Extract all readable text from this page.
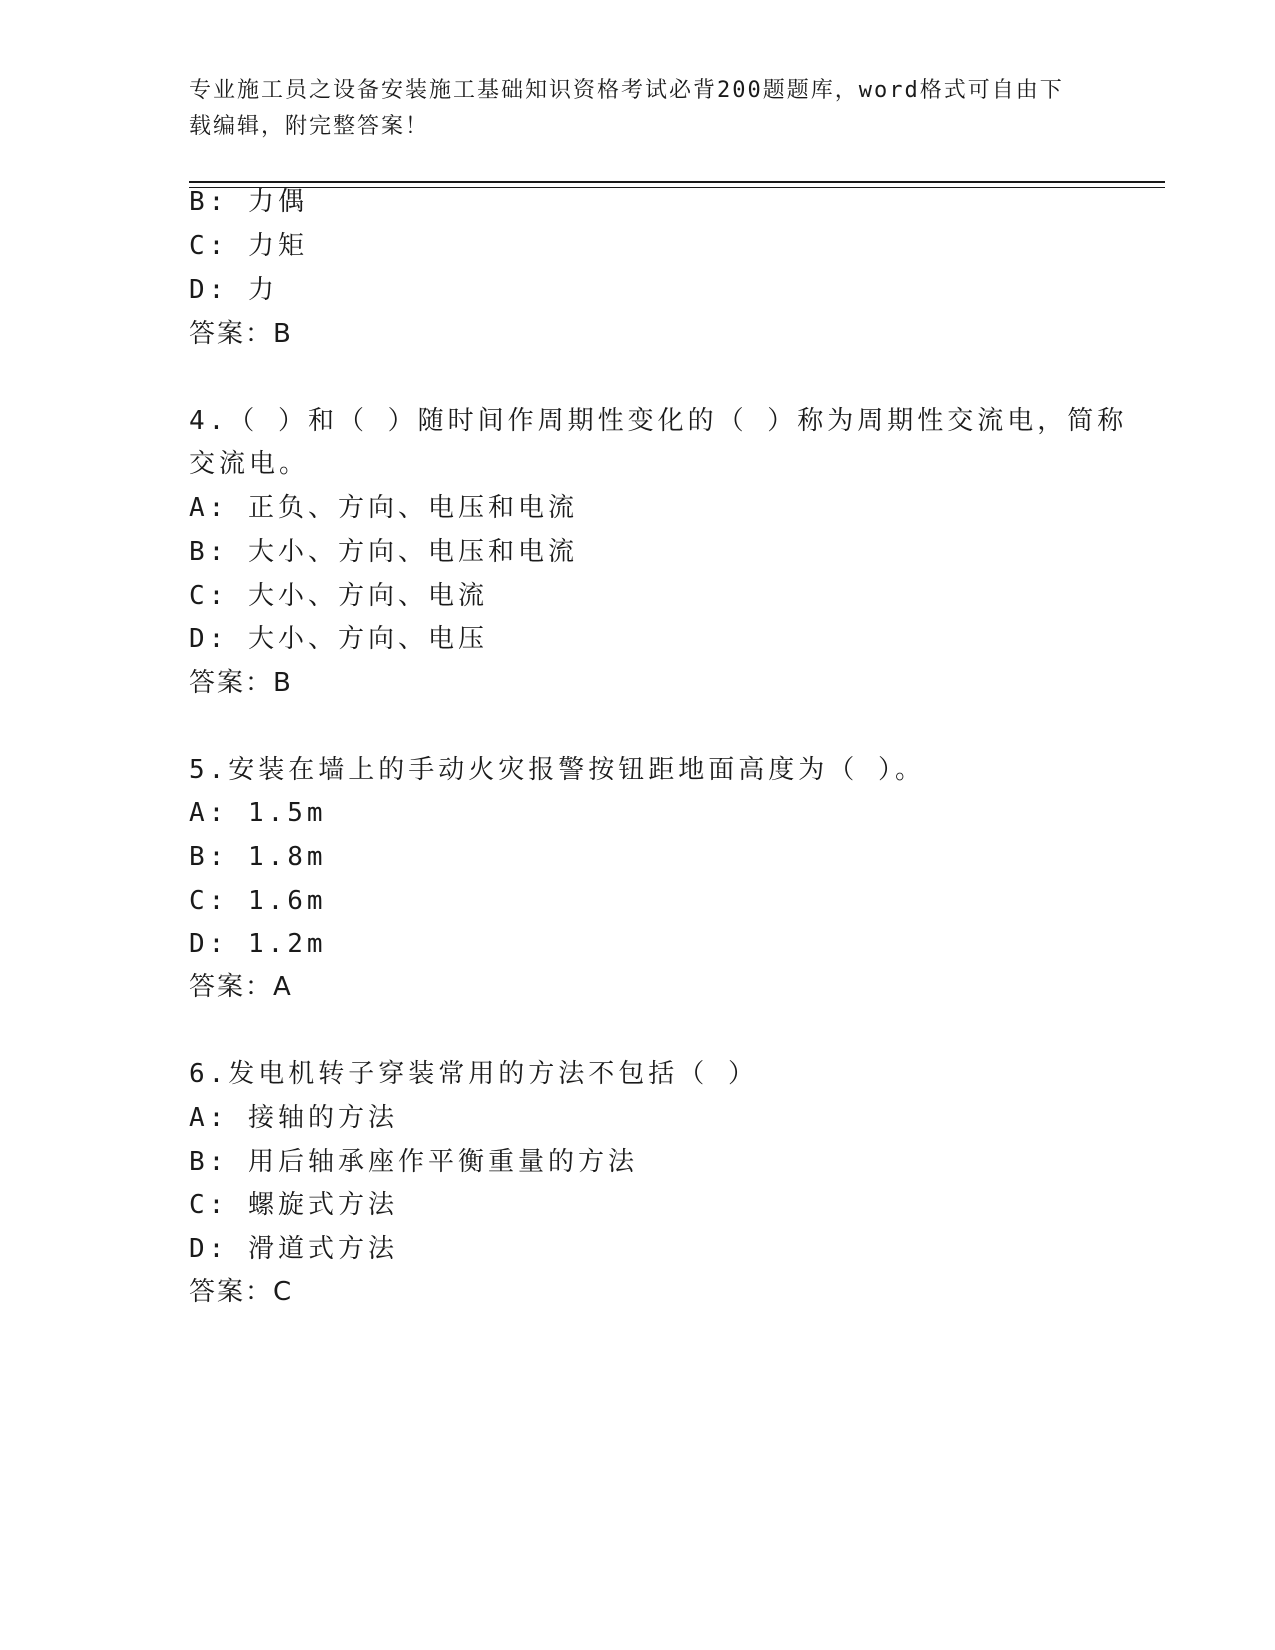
专业施工员之设备安装施工基础知识资格考试必背200题题库，word格式可自由下载编辑，附完整答案！
B: 力偶
C: 力矩
D: 力
答案：B
4.（ ）和（ ）随时间作周期性变化的（ ）称为周期性交流电，简称
交流电。
A: 正负、方向、电压和电流
B: 大小、方向、电压和电流
C: 大小、方向、电流
D: 大小、方向、电压
答案：B
5.安装在墙上的手动火灾报警按钮距地面高度为（ ）。
A: 1.5m
B: 1.8m
C: 1.6m
D: 1.2m
答案：A
6.发电机转子穿装常用的方法不包括（ ）
A: 接轴的方法
B: 用后轴承座作平衡重量的方法
C: 螺旋式方法
D: 滑道式方法
答案：C
